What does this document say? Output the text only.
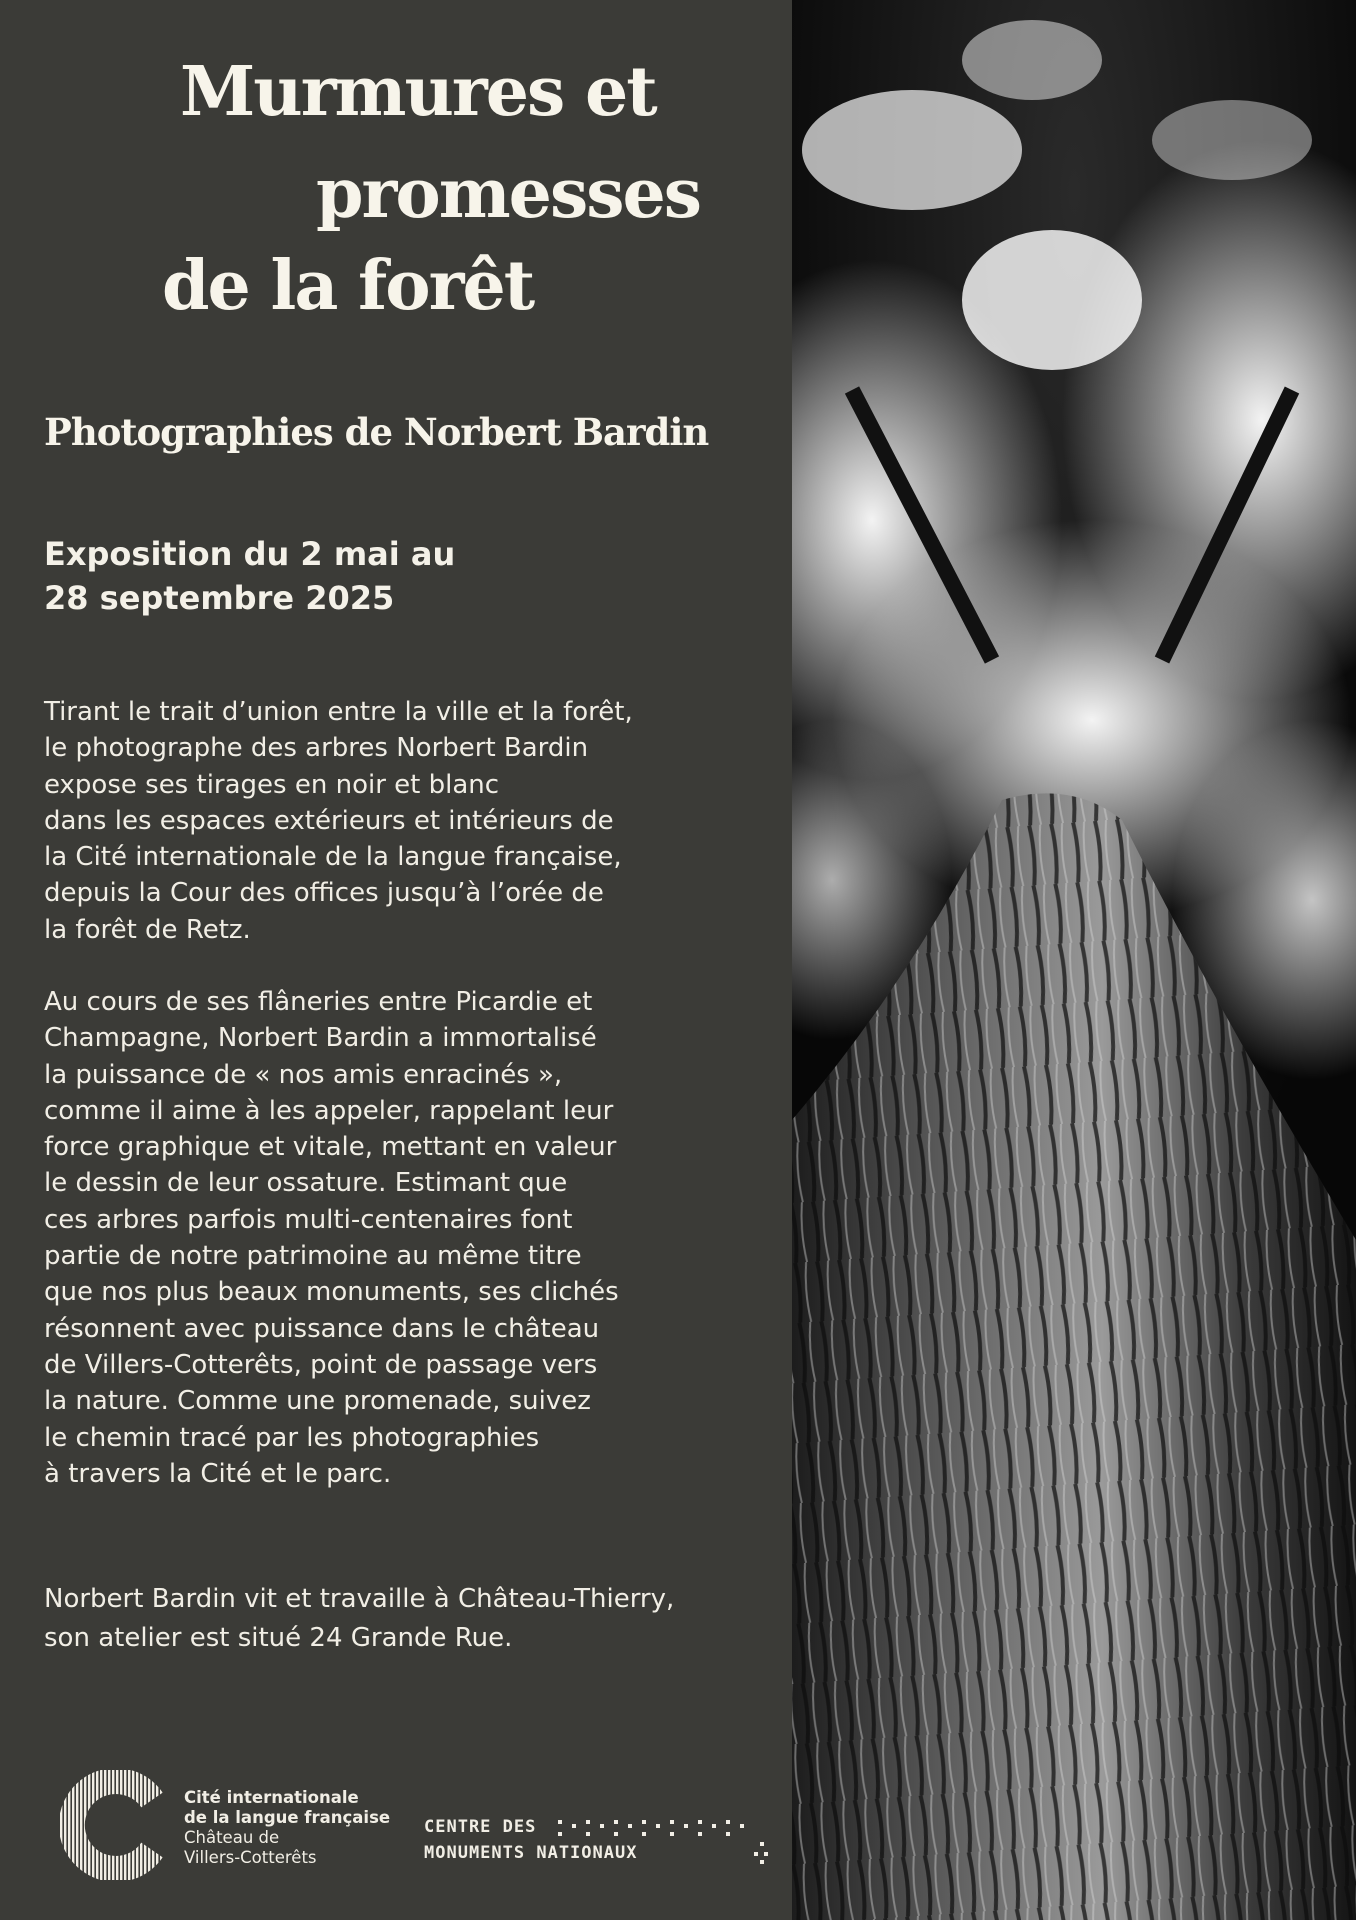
Murmures et
promesses
de la forêt
Photographies de Norbert Bardin
Exposition du 2 mai au
28 septembre 2025
Tirant le trait d’union entre la ville et la forêt,
le photographe des arbres Norbert Bardin
expose ses tirages en noir et blanc
dans les espaces extérieurs et intérieurs de
la Cité internationale de la langue française,
depuis la Cour des offices jusqu’à l’orée de
la forêt de Retz.
Au cours de ses flâneries entre Picardie et
Champagne, Norbert Bardin a immortalisé
la puissance de « nos amis enracinés »,
comme il aime à les appeler, rappelant leur
force graphique et vitale, mettant en valeur
le dessin de leur ossature. Estimant que
ces arbres parfois multi-centenaires font
partie de notre patrimoine au même titre
que nos plus beaux monuments, ses clichés
résonnent avec puissance dans le château
de Villers-Cotterêts, point de passage vers
la nature. Comme une promenade, suivez
le chemin tracé par les photographies
à travers la Cité et le parc.
Norbert Bardin vit et travaille à Château-Thierry,
son atelier est situé 24 Grande Rue.
Cité internationale
de la langue française
Château de
Villers-Cotterêts
CENTRE DES
MONUMENTS NATIONAUX
